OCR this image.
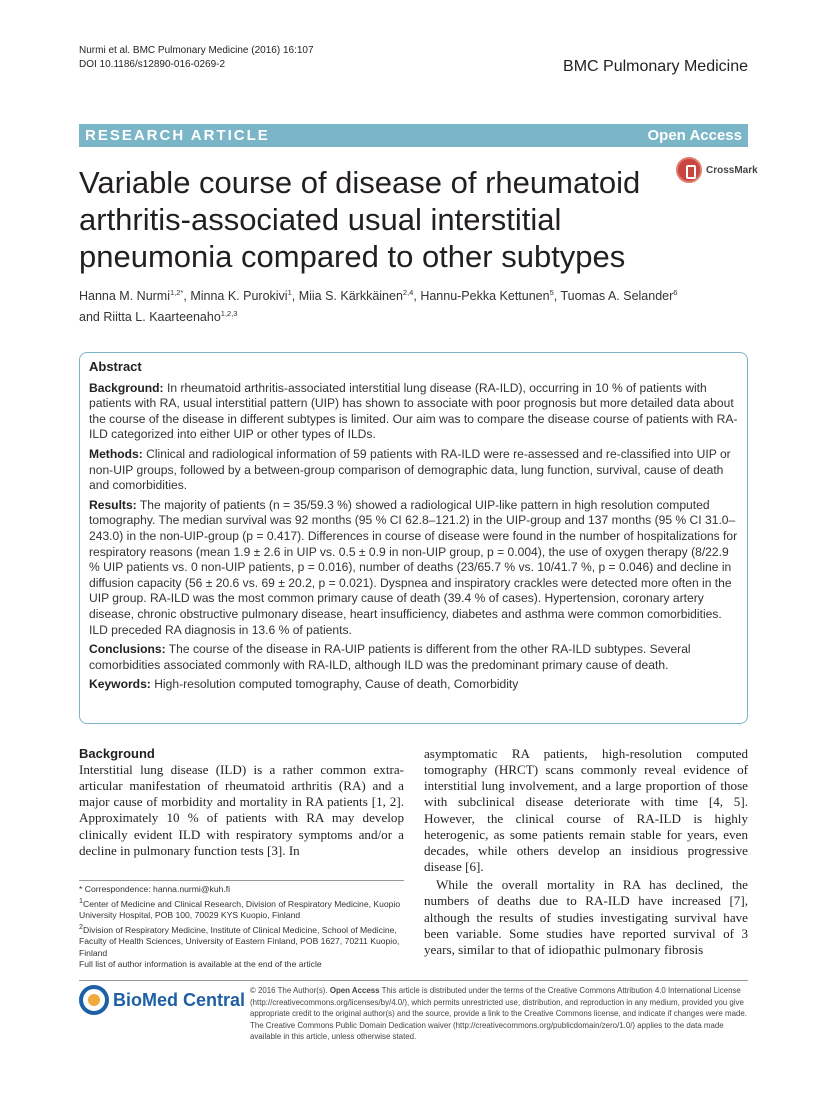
Nurmi et al. BMC Pulmonary Medicine (2016) 16:107
DOI 10.1186/s12890-016-0269-2	BMC Pulmonary Medicine
RESEARCH ARTICLE	Open Access
Variable course of disease of rheumatoid arthritis-associated usual interstitial pneumonia compared to other subtypes
CrossMark
Hanna M. Nurmi$^{1,2*}$, Minna K. Purokivi$^1$, Miia S. Kärkkäinen$^{2,4}$, Hannu-Pekka Kettunen$^5$, Tuomas A. Selander$^6$
and Riitta L. Kaarteenaho$^{1,2,3}$
Abstract

Background: In rheumatoid arthritis-associated interstitial lung disease (RA-ILD), occurring in 10 % of patients with patients with RA, usual interstitial pattern (UIP) has shown to associate with poor prognosis but more detailed data about the course of the disease in different subtypes is limited. Our aim was to compare the disease course of patients with RA-ILD categorized into either UIP or other types of ILDs.

Methods: Clinical and radiological information of 59 patients with RA-ILD were re-assessed and re-classified into UIP or non-UIP groups, followed by a between-group comparison of demographic data, lung function, survival, cause of death and comorbidities.

Results: The majority of patients (n = 35/59.3 %) showed a radiological UIP-like pattern in high resolution computed tomography. The median survival was 92 months (95 % CI 62.8–121.2) in the UIP-group and 137 months (95 % CI 31.0–243.0) in the non-UIP-group (p = 0.417). Differences in course of disease were found in the number of hospitalizations for respiratory reasons (mean 1.9 ± 2.6 in UIP vs. 0.5 ± 0.9 in non-UIP group, p = 0.004), the use of oxygen therapy (8/22.9 % UIP patients vs. 0 non-UIP patients, p = 0.016), number of deaths (23/65.7 % vs. 10/41.7 %, p = 0.046) and decline in diffusion capacity (56 ± 20.6 vs. 69 ± 20.2, p = 0.021). Dyspnea and inspiratory crackles were detected more often in the UIP group. RA-ILD was the most common primary cause of death (39.4 % of cases). Hypertension, coronary artery disease, chronic obstructive pulmonary disease, heart insufficiency, diabetes and asthma were common comorbidities. ILD preceded RA diagnosis in 13.6 % of patients.

Conclusions: The course of the disease in RA-UIP patients is different from the other RA-ILD subtypes. Several comorbidities associated commonly with RA-ILD, although ILD was the predominant primary cause of death.

Keywords: High-resolution computed tomography, Cause of death, Comorbidity

Background

Interstitial lung disease (ILD) is a rather common extra-articular manifestation of rheumatoid arthritis (RA) and a major cause of morbidity and mortality in RA patients [1, 2]. Approximately 10 % of patients with RA may develop clinically evident ILD with respiratory symptoms and/or a decline in pulmonary function tests [3]. In

asymptomatic RA patients, high-resolution computed tomography (HRCT) scans commonly reveal evidence of interstitial lung involvement, and a large proportion of those with subclinical disease deteriorate with time [4, 5]. However, the clinical course of RA-ILD is highly heterogenic, as some patients remain stable for years, even decades, while others develop an insidious progressive disease [6].

While the overall mortality in RA has declined, the numbers of deaths due to RA-ILD have increased [7], although the results of studies investigating survival have been variable. Some studies have reported survival of 3 years, similar to that of idiopathic pulmonary fibrosis

* Correspondence: hanna.nurmi@kuh.fi

$^1$Center of Medicine and Clinical Research, Division of Respiratory Medicine, Kuopio University Hospital, POB 100, 70029 KYS Kuopio, Finland

$^2$Division of Respiratory Medicine, Institute of Clinical Medicine, School of Medicine, Faculty of Health Sciences, University of Eastern Finland, POB 1627, 70211 Kuopio, Finland

Full list of author information is available at the end of the article

BioMed Central © 2016 The Author(s). Open Access This article is distributed under the terms of the Creative Commons Attribution 4.0 International License (http://creativecommons.org/licenses/by/4.0/), which permits unrestricted use, distribution, and reproduction in any medium, provided you give appropriate credit to the original author(s) and the source, provide a link to the Creative Commons license, and indicate if changes were made. The Creative Commons Public Domain Dedication waiver (http://creativecommons.org/publicdomain/zero/1.0/) applies to the data made available in this article, unless otherwise stated.
